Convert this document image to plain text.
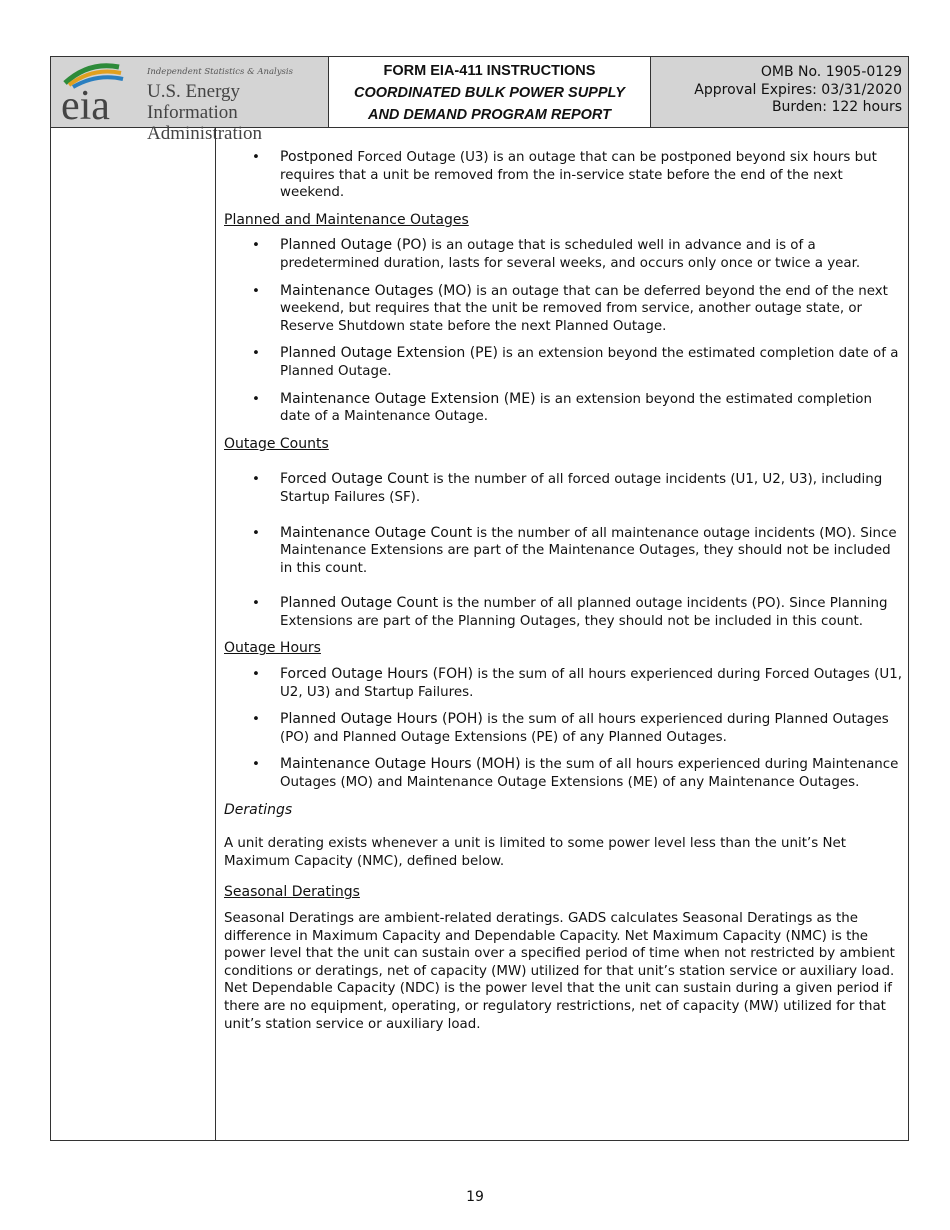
eia
Independent Statistics & Analysis
U.S. Energy Information
Administration
FORM EIA-411 INSTRUCTIONS
COORDINATED BULK POWER SUPPLY
AND DEMAND PROGRAM REPORT
OMB No. 1905-0129
Approval Expires: 03/31/2020
Burden: 122 hours
• Postponed Forced Outage (U3) is an outage that can be postponed beyond six hours but requires that a unit be removed from the in-service state before the end of the next weekend.
Planned and Maintenance Outages
• Planned Outage (PO) is an outage that is scheduled well in advance and is of a predetermined duration, lasts for several weeks, and occurs only once or twice a year.
• Maintenance Outages (MO) is an outage that can be deferred beyond the end of the next weekend, but requires that the unit be removed from service, another outage state, or Reserve Shutdown state before the next Planned Outage.
• Planned Outage Extension (PE) is an extension beyond the estimated completion date of a Planned Outage.
• Maintenance Outage Extension (ME) is an extension beyond the estimated completion date of a Maintenance Outage.
Outage Counts
• Forced Outage Count is the number of all forced outage incidents (U1, U2, U3), including Startup Failures (SF).
• Maintenance Outage Count is the number of all maintenance outage incidents (MO). Since Maintenance Extensions are part of the Maintenance Outages, they should not be included in this count.
• Planned Outage Count is the number of all planned outage incidents (PO). Since Planning Extensions are part of the Planning Outages, they should not be included in this count.
Outage Hours
• Forced Outage Hours (FOH) is the sum of all hours experienced during Forced Outages (U1, U2, U3) and Startup Failures.
• Planned Outage Hours (POH) is the sum of all hours experienced during Planned Outages (PO) and Planned Outage Extensions (PE) of any Planned Outages.
• Maintenance Outage Hours (MOH) is the sum of all hours experienced during Maintenance Outages (MO) and Maintenance Outage Extensions (ME) of any Maintenance Outages.
Deratings

A unit derating exists whenever a unit is limited to some power level less than the unit’s Net Maximum Capacity (NMC), defined below.

Seasonal Deratings

Seasonal Deratings are ambient-related deratings. GADS calculates Seasonal Deratings as the difference in Maximum Capacity and Dependable Capacity. Net Maximum Capacity (NMC) is the power level that the unit can sustain over a specified period of time when not restricted by ambient conditions or deratings, net of capacity (MW) utilized for that unit’s station service or auxiliary load. Net Dependable Capacity (NDC) is the power level that the unit can sustain during a given period if there are no equipment, operating, or regulatory restrictions, net of capacity (MW) utilized for that unit’s station service or auxiliary load.

19
